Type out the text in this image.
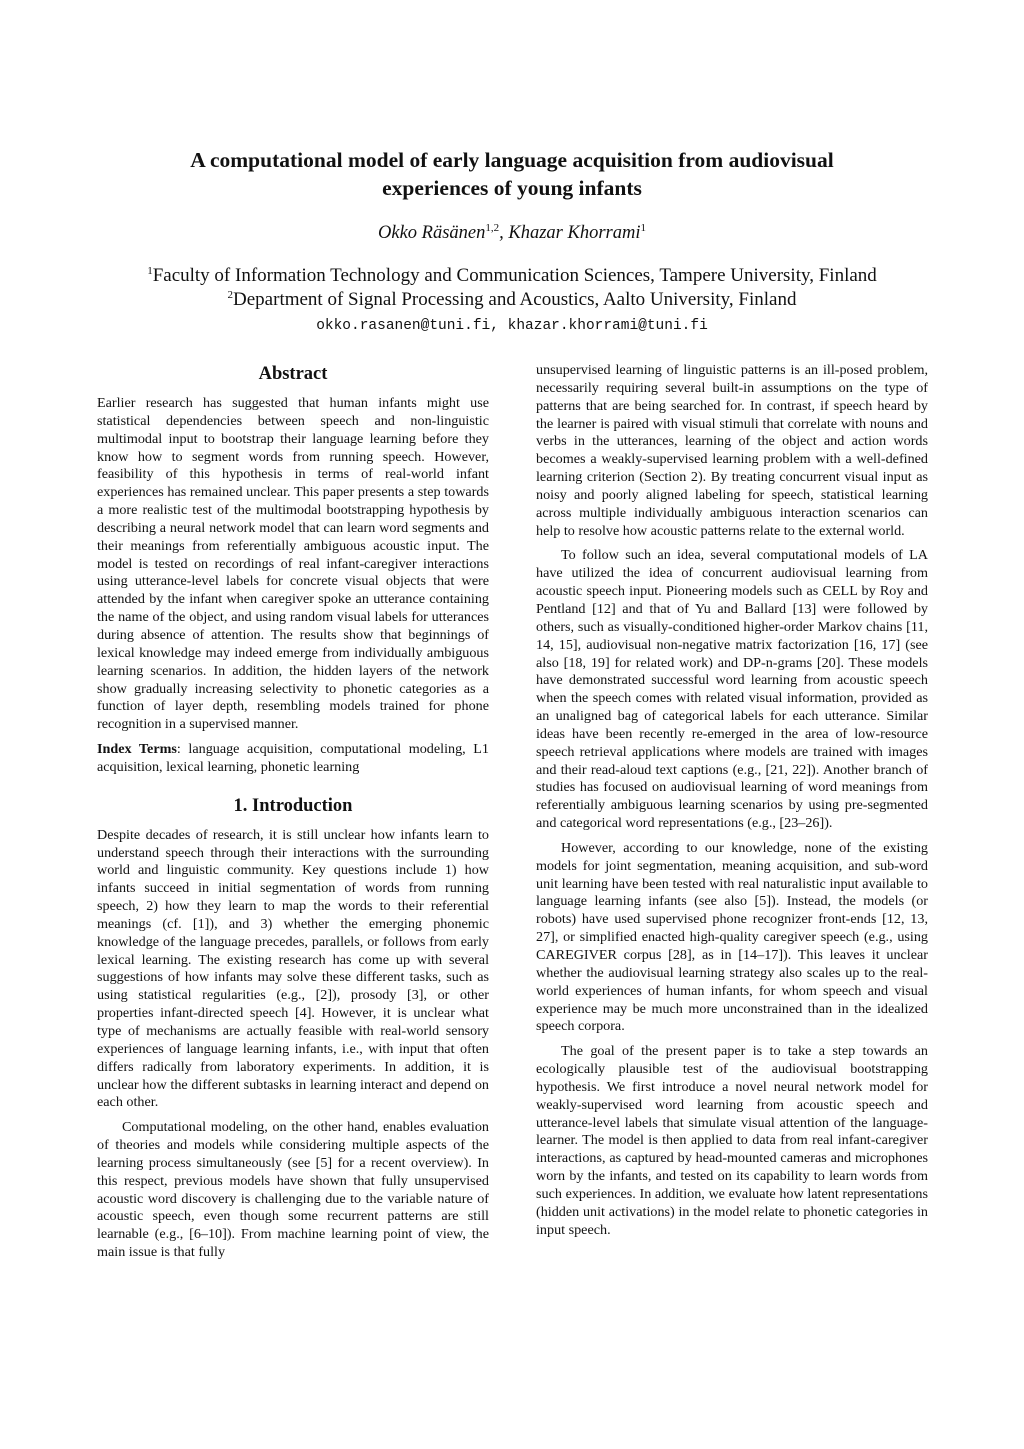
A computational model of early language acquisition from audiovisual
experiences of young infants
Okko Räsänen$^{1,2}$, Khazar Khorrami$^1$
$^1$Faculty of Information Technology and Communication Sciences, Tampere University, Finland
$^2$Department of Signal Processing and Acoustics, Aalto University, Finland
okko.rasanen@tuni.fi, khazar.khorrami@tuni.fi
Abstract

Earlier research has suggested that human infants might use statistical dependencies between speech and non-linguistic multimodal input to bootstrap their language learning before they know how to segment words from running speech. However, feasibility of this hypothesis in terms of real-world infant experiences has remained unclear. This paper presents a step towards a more realistic test of the multimodal bootstrapping hypothesis by describing a neural network model that can learn word segments and their meanings from referentially ambiguous acoustic input. The model is tested on recordings of real infant-caregiver interactions using utterance-level labels for concrete visual objects that were attended by the infant when caregiver spoke an utterance containing the name of the object, and using random visual labels for utterances during absence of attention. The results show that beginnings of lexical knowledge may indeed emerge from individually ambiguous learning scenarios. In addition, the hidden layers of the network show gradually increasing selectivity to phonetic categories as a function of layer depth, resembling models trained for phone recognition in a supervised manner.

Index Terms: language acquisition, computational modeling, L1 acquisition, lexical learning, phonetic learning

1. Introduction

Despite decades of research, it is still unclear how infants learn to understand speech through their interactions with the surrounding world and linguistic community. Key questions include 1) how infants succeed in initial segmentation of words from running speech, 2) how they learn to map the words to their referential meanings (cf. [1]), and 3) whether the emerging phonemic knowledge of the language precedes, parallels, or follows from early lexical learning. The existing research has come up with several suggestions of how infants may solve these different tasks, such as using statistical regularities (e.g., [2]), prosody [3], or other properties infant-directed speech [4]. However, it is unclear what type of mechanisms are actually feasible with real-world sensory experiences of language learning infants, i.e., with input that often differs radically from laboratory experiments. In addition, it is unclear how the different subtasks in learning interact and depend on each other.

Computational modeling, on the other hand, enables evaluation of theories and models while considering multiple aspects of the learning process simultaneously (see [5] for a recent overview). In this respect, previous models have shown that fully unsupervised acoustic word discovery is challenging due to the variable nature of acoustic speech, even though some recurrent patterns are still learnable (e.g., [6–10]). From machine learning point of view, the main issue is that fully

unsupervised learning of linguistic patterns is an ill-posed problem, necessarily requiring several built-in assumptions on the type of patterns that are being searched for. In contrast, if speech heard by the learner is paired with visual stimuli that correlate with nouns and verbs in the utterances, learning of the object and action words becomes a weakly-supervised learning problem with a well-defined learning criterion (Section 2). By treating concurrent visual input as noisy and poorly aligned labeling for speech, statistical learning across multiple individually ambiguous interaction scenarios can help to resolve how acoustic patterns relate to the external world.

To follow such an idea, several computational models of LA have utilized the idea of concurrent audiovisual learning from acoustic speech input. Pioneering models such as CELL by Roy and Pentland [12] and that of Yu and Ballard [13] were followed by others, such as visually-conditioned higher-order Markov chains [11, 14, 15], audiovisual non-negative matrix factorization [16, 17] (see also [18, 19] for related work) and DP-n-grams [20]. These models have demonstrated successful word learning from acoustic speech when the speech comes with related visual information, provided as an unaligned bag of categorical labels for each utterance. Similar ideas have been recently re-emerged in the area of low-resource speech retrieval applications where models are trained with images and their read-aloud text captions (e.g., [21, 22]). Another branch of studies has focused on audiovisual learning of word meanings from referentially ambiguous learning scenarios by using pre-segmented and categorical word representations (e.g., [23–26]).

However, according to our knowledge, none of the existing models for joint segmentation, meaning acquisition, and sub-word unit learning have been tested with real naturalistic input available to language learning infants (see also [5]). Instead, the models (or robots) have used supervised phone recognizer front-ends [12, 13, 27], or simplified enacted high-quality caregiver speech (e.g., using CAREGIVER corpus [28], as in [14–17]). This leaves it unclear whether the audiovisual learning strategy also scales up to the real-world experiences of human infants, for whom speech and visual experience may be much more unconstrained than in the idealized speech corpora.

The goal of the present paper is to take a step towards an ecologically plausible test of the audiovisual bootstrapping hypothesis. We first introduce a novel neural network model for weakly-supervised word learning from acoustic speech and utterance-level labels that simulate visual attention of the language-learner. The model is then applied to data from real infant-caregiver interactions, as captured by head-mounted cameras and microphones worn by the infants, and tested on its capability to learn words from such experiences. In addition, we evaluate how latent representations (hidden unit activations) in the model relate to phonetic categories in input speech.
